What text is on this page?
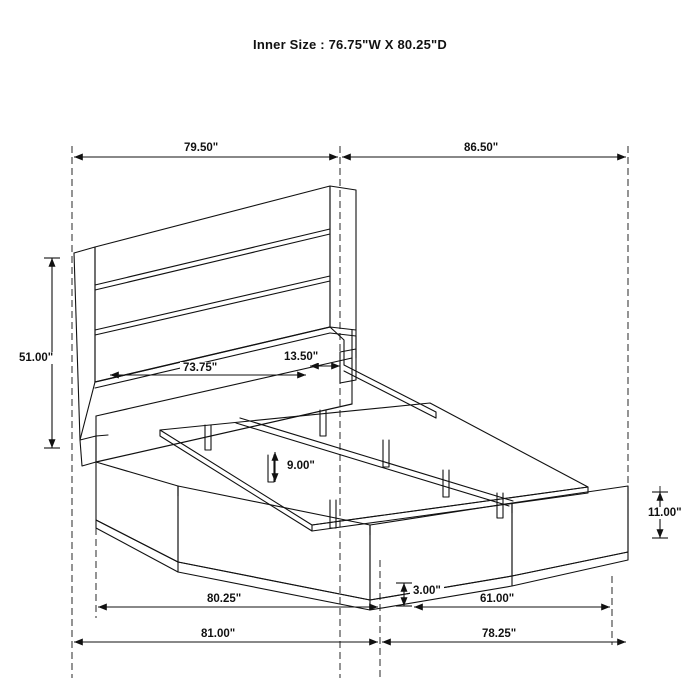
Inner Size : 76.75"W X 80.25"D
79.50"	86.50"
51.00"
73.75"
13.50"
9.00"
11.00"
3.00"
80.25"	61.00"
81.00"	78.25"
